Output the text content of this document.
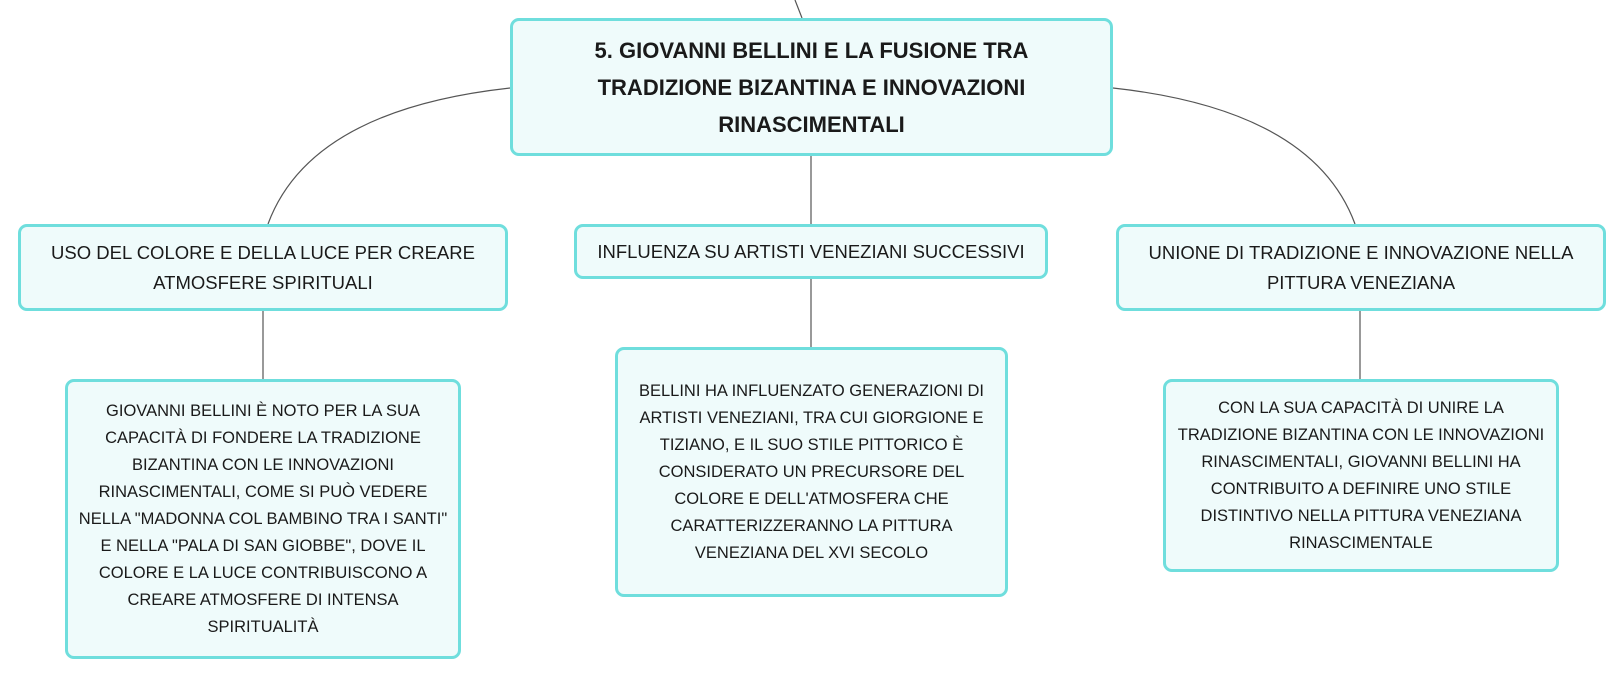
5. GIOVANNI BELLINI E LA FUSIONE TRA TRADIZIONE BIZANTINA E INNOVAZIONI RINASCIMENTALI
USO DEL COLORE E DELLA LUCE PER CREARE ATMOSFERE SPIRITUALI
INFLUENZA SU ARTISTI VENEZIANI SUCCESSIVI	UNIONE DI TRADIZIONE E INNOVAZIONE NELLA PITTURA VENEZIANA
GIOVANNI BELLINI È NOTO PER LA SUA CAPACITÀ DI FONDERE LA TRADIZIONE BIZANTINA CON LE INNOVAZIONI RINASCIMENTALI, COME SI PUÒ VEDERE NELLA "MADONNA COL BAMBINO TRA I SANTI" E NELLA "PALA DI SAN GIOBBE", DOVE IL COLORE E LA LUCE CONTRIBUISCONO A CREARE ATMOSFERE DI INTENSA SPIRITUALITÀ
BELLINI HA INFLUENZATO GENERAZIONI DI ARTISTI VENEZIANI, TRA CUI GIORGIONE E TIZIANO, E IL SUO STILE PITTORICO È CONSIDERATO UN PRECURSORE DEL COLORE E DELL'ATMOSFERA CHE CARATTERIZZERANNO LA PITTURA VENEZIANA DEL XVI SECOLO
CON LA SUA CAPACITÀ DI UNIRE LA TRADIZIONE BIZANTINA CON LE INNOVAZIONI RINASCIMENTALI, GIOVANNI BELLINI HA CONTRIBUITO A DEFINIRE UNO STILE DISTINTIVO NELLA PITTURA VENEZIANA RINASCIMENTALE
